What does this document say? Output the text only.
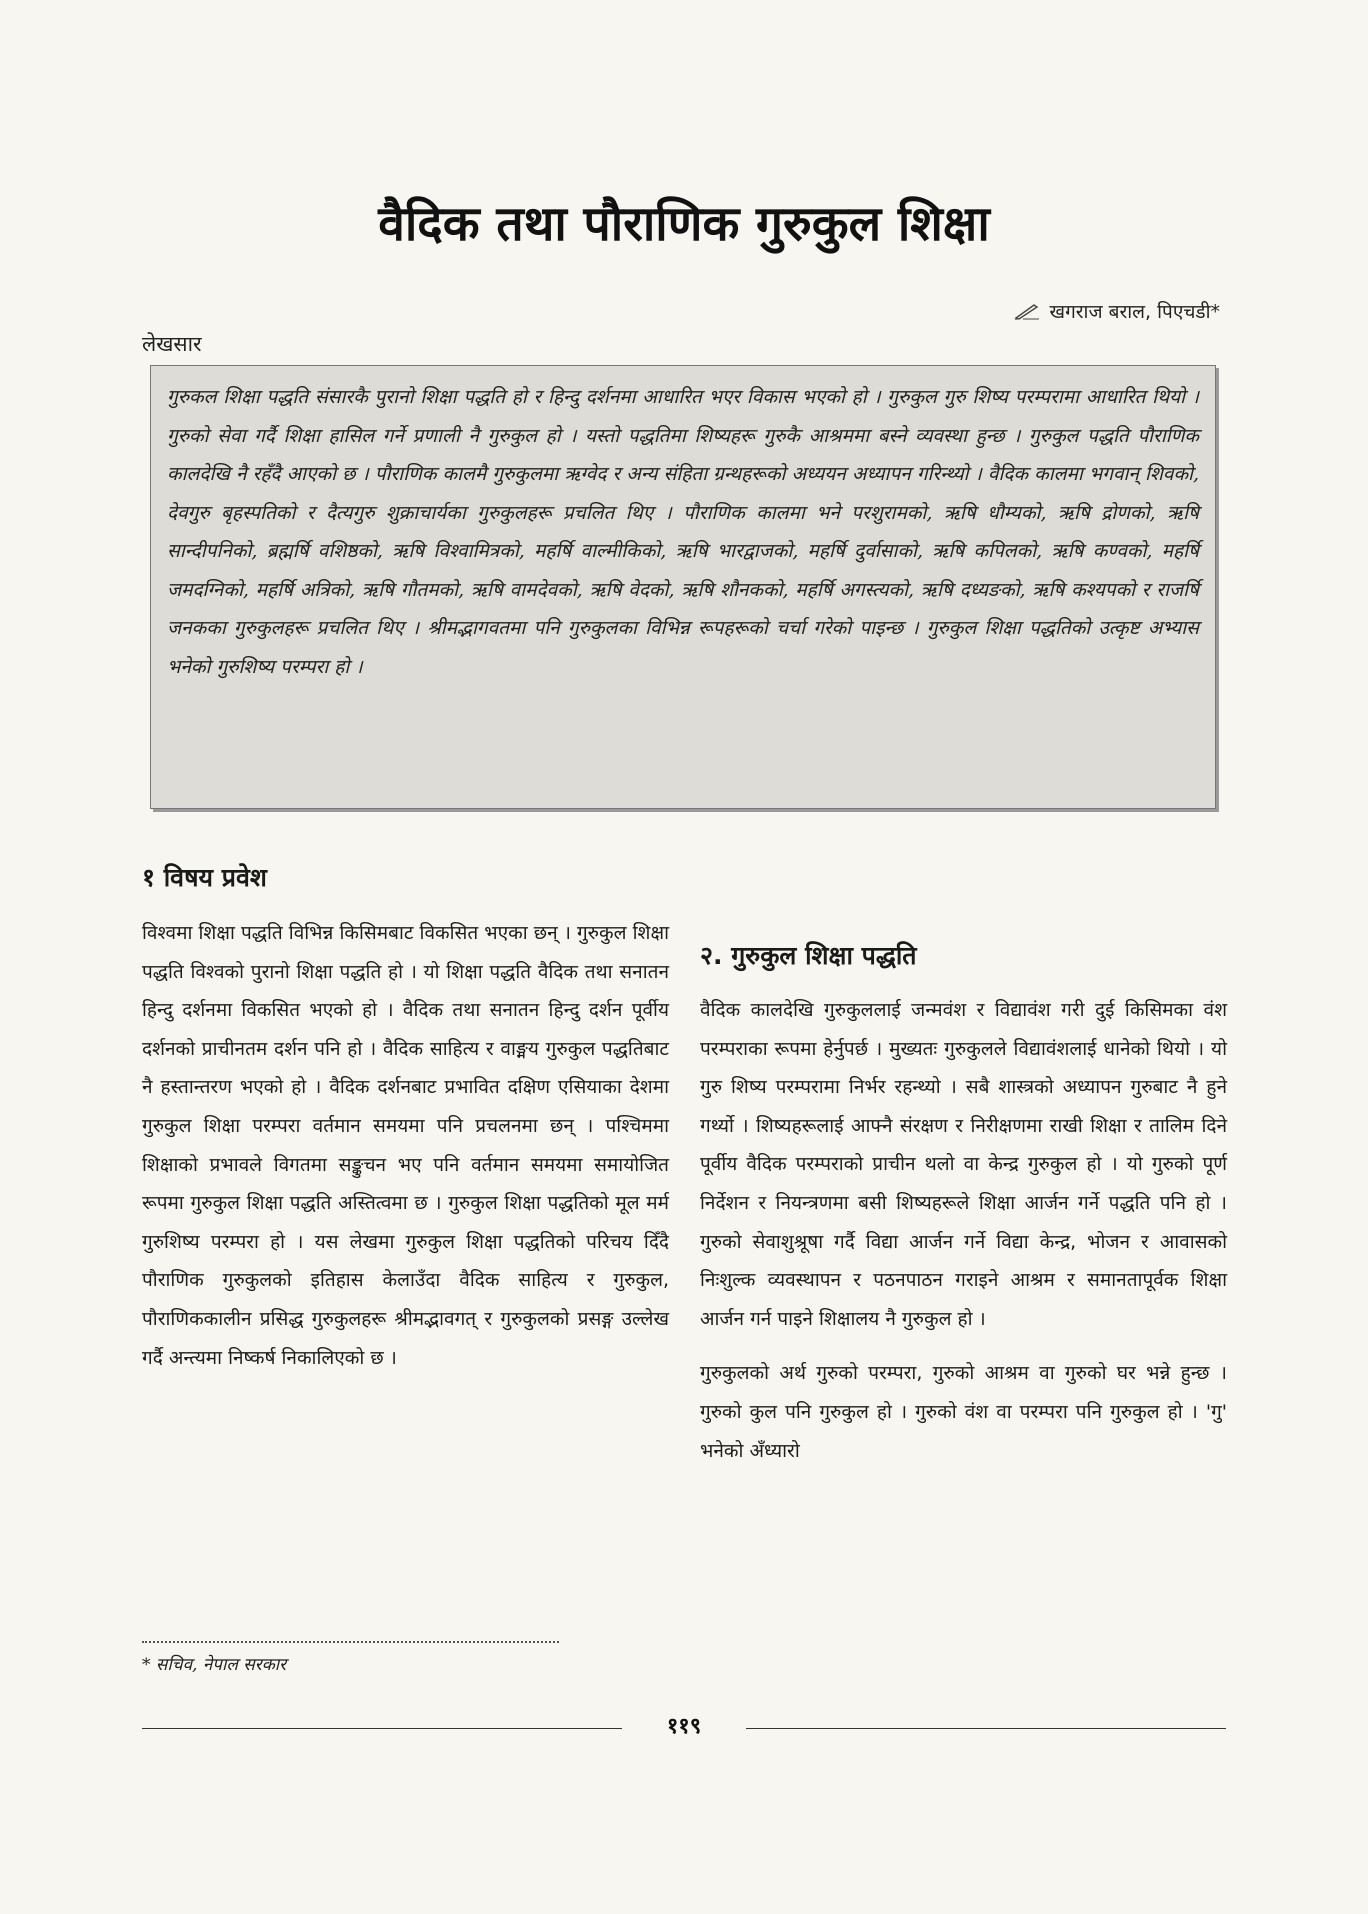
वैदिक तथा पौराणिक गुरुकुल शिक्षा
खगराज बराल, पिएचडी*
लेखसार
गुरुकल शिक्षा पद्धति संसारकै पुरानो शिक्षा पद्धति हो र हिन्दु दर्शनमा आधारित भएर विकास भएको हो । गुरुकुल गुरु शिष्य परम्परामा आधारित थियो । गुरुको सेवा गर्दै शिक्षा हासिल गर्ने प्रणाली नै गुरुकुल हो । यस्तो पद्धतिमा शिष्यहरू गुरुकै आश्रममा बस्ने व्यवस्था हुन्छ । गुरुकुल पद्धति पौराणिक कालदेखि नै रहँदै आएको छ । पौराणिक कालमै गुरुकुलमा ऋग्वेद र अन्य संहिता ग्रन्थहरूको अध्ययन अध्यापन गरिन्थ्यो । वैदिक कालमा भगवान् शिवको, देवगुरु बृहस्पतिको र दैत्यगुरु शुक्राचार्यका गुरुकुलहरू प्रचलित थिए । पौराणिक कालमा भने परशुरामको, ऋषि धौम्यको, ऋषि द्रोणको, ऋषि सान्दीपनिको, ब्रह्मर्षि वशिष्ठको, ऋषि विश्वामित्रको, महर्षि वाल्मीकिको, ऋषि भारद्वाजको, महर्षि दुर्वासाको, ऋषि कपिलको, ऋषि कण्वको, महर्षि जमदग्निको, महर्षि अत्रिको, ऋषि गौतमको, ऋषि वामदेवको, ऋषि वेदको, ऋषि शौनकको, महर्षि अगस्त्यको, ऋषि दध्यङको, ऋषि कश्यपको र राजर्षि जनकका गुरुकुलहरू प्रचलित थिए । श्रीमद्भागवतमा पनि गुरुकुलका विभिन्न रूपहरूको चर्चा गरेको पाइन्छ । गुरुकुल शिक्षा पद्धतिको उत्कृष्ट अभ्यास भनेको गुरुशिष्य परम्परा हो ।
१ विषय प्रवेश

विश्वमा शिक्षा पद्धति विभिन्न किसिमबाट विकसित भएका छन् । गुरुकुल शिक्षा पद्धति विश्वको पुरानो शिक्षा पद्धति हो । यो शिक्षा पद्धति वैदिक तथा सनातन हिन्दु दर्शनमा विकसित भएको हो । वैदिक तथा सनातन हिन्दु दर्शन पूर्वीय दर्शनको प्राचीनतम दर्शन पनि हो । वैदिक साहित्य र वाङ्मय गुरुकुल पद्धतिबाट नै हस्तान्तरण भएको हो । वैदिक दर्शनबाट प्रभावित दक्षिण एसियाका देशमा गुरुकुल शिक्षा परम्परा वर्तमान समयमा पनि प्रचलनमा छन् । पश्चिममा शिक्षाको प्रभावले विगतमा सङ्कुचन भए पनि वर्तमान समयमा समायोजित रूपमा गुरुकुल शिक्षा पद्धति अस्तित्वमा छ । गुरुकुल शिक्षा पद्धतिको मूल मर्म गुरुशिष्य परम्परा हो । यस लेखमा गुरुकुल शिक्षा पद्धतिको परिचय दिँदै पौराणिक गुरुकुलको इतिहास केलाउँदा वैदिक साहित्य र गुरुकुल, पौराणिककालीन प्रसिद्ध गुरुकुलहरू श्रीमद्भावगत् र गुरुकुलको प्रसङ्ग उल्लेख गर्दै अन्त्यमा निष्कर्ष निकालिएको छ ।

२. गुरुकुल शिक्षा पद्धति

वैदिक कालदेखि गुरुकुललाई जन्मवंश र विद्यावंश गरी दुई किसिमका वंश परम्पराका रूपमा हेर्नुपर्छ । मुख्यतः गुरुकुलले विद्यावंशलाई धानेको थियो । यो गुरु शिष्य परम्परामा निर्भर रहन्थ्यो । सबै शास्त्रको अध्यापन गुरुबाट नै हुने गर्थ्यो । शिष्यहरूलाई आफ्नै संरक्षण र निरीक्षणमा राखी शिक्षा र तालिम दिने पूर्वीय वैदिक परम्पराको प्राचीन थलो वा केन्द्र गुरुकुल हो । यो गुरुको पूर्ण निर्देशन र नियन्त्रणमा बसी शिष्यहरूले शिक्षा आर्जन गर्ने पद्धति पनि हो । गुरुको सेवाशुश्रूषा गर्दै विद्या आर्जन गर्ने विद्या केन्द्र, भोजन र आवासको निःशुल्क व्यवस्थापन र पठनपाठन गराइने आश्रम र समानतापूर्वक शिक्षा आर्जन गर्न पाइने शिक्षालय नै गुरुकुल हो ।

गुरुकुलको अर्थ गुरुको परम्परा, गुरुको आश्रम वा गुरुको घर भन्ने हुन्छ । गुरुको कुल पनि गुरुकुल हो । गुरुको वंश वा परम्परा पनि गुरुकुल हो । 'गु' भनेको अँध्यारो

* सचिव, नेपाल सरकार
११९
